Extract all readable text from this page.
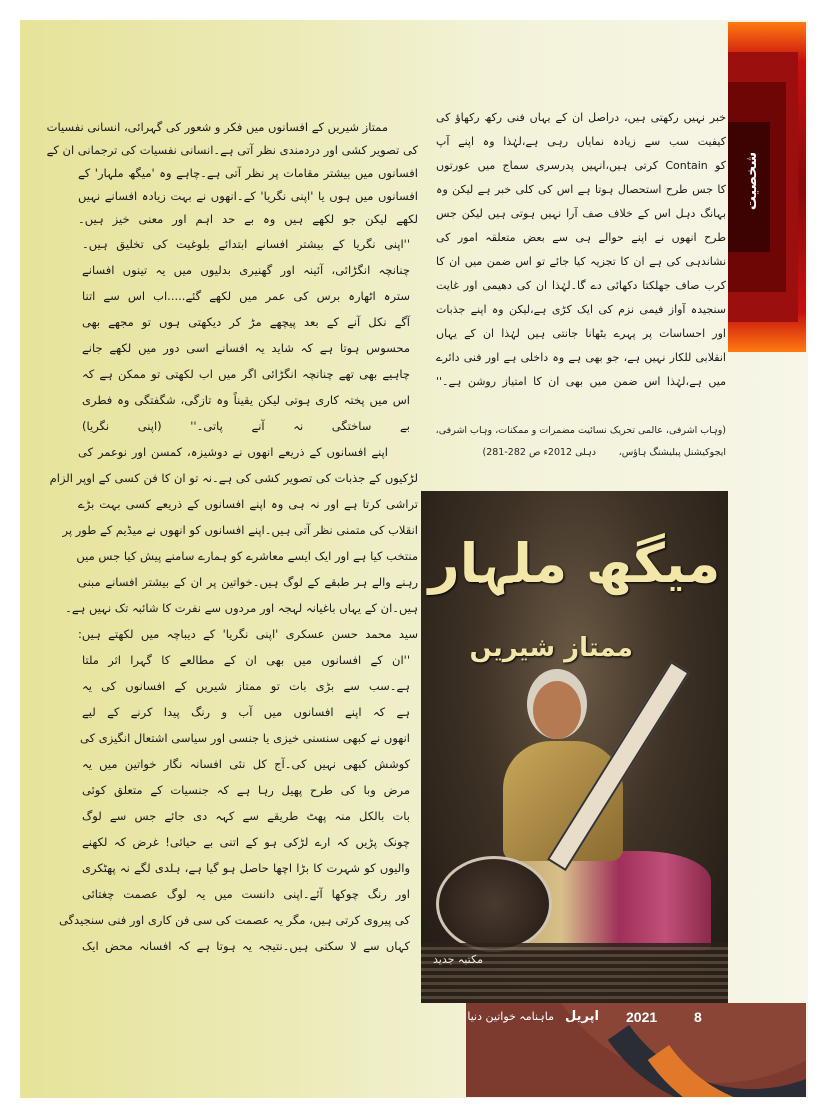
شخصیت
ممتاز شیریں کے افسانوں میں فکر و شعور کی گہرائی، انسانی نفسیات
کی تصویر کشی اور دردمندی نظر آتی ہے۔انسانی نفسیات کی ترجمانی ان کے
افسانوں میں بیشتر مقامات پر نظر آتی ہے۔چاہے وہ 'میگھ ملہار' کے
افسانوں میں ہوں یا 'اپنی نگریا' کے۔انھوں نے بہت زیادہ افسانے نہیں
لکھے لیکن جو لکھے ہیں وہ بے حد اہم اور معنی خیز ہیں۔
''اپنی نگریا کے بیشتر افسانے ابتدائے بلوغیت کی تخلیق ہیں۔
چنانچہ انگڑائی، آئینہ اور گھنیری بدلیوں میں یہ تینوں افسانے
سترہ اٹھارہ برس کی عمر میں لکھے گئے.....اب اس سے اتنا
آگے نکل آنے کے بعد پیچھے مڑ کر دیکھتی ہوں تو مجھے بھی
محسوس ہوتا ہے کہ شاید یہ افسانے اسی دور میں لکھے جانے
چاہیے بھی تھے چنانچہ انگڑائی اگر میں اب لکھتی تو ممکن ہے کہ
اس میں پختہ کاری ہوتی لیکن یقیناً وہ تازگی، شگفتگی وہ فطری
بے ساختگی نہ آنے پاتی۔'' (اپنی نگریا)
اپنے افسانوں کے ذریعے انھوں نے دوشیزہ، کمسن اور نوعمر کی
لڑکیوں کے جذبات کی تصویر کشی کی ہے۔نہ تو ان کا فن کسی کے اوپر الزام
تراشی کرتا ہے اور نہ ہی وہ اپنے افسانوں کے ذریعے کسی بہت بڑے
انقلاب کی متمنی نظر آتی ہیں۔اپنے افسانوں کو انھوں نے میڈیم کے طور پر
منتخب کیا ہے اور ایک ایسے معاشرے کو ہمارے سامنے پیش کیا جس میں
رہنے والے ہر طبقے کے لوگ ہیں۔خواتین پر ان کے بیشتر افسانے مبنی
ہیں۔ان کے یہاں باغیانہ لہجہ اور مردوں سے نفرت کا شائبہ تک نہیں ہے۔
سید محمد حسن عسکری 'اپنی نگریا' کے دیباچہ میں لکھتے ہیں:
''ان کے افسانوں میں بھی ان کے مطالعے کا گہرا اثر ملتا
ہے۔سب سے بڑی بات تو ممتاز شیریں کے افسانوں کی یہ
ہے کہ اپنے افسانوں میں آب و رنگ پیدا کرنے کے لیے
انھوں نے کبھی سنسنی خیزی یا جنسی اور سیاسی اشتعال انگیزی کی
کوشش کبھی نہیں کی۔آج کل نئی افسانہ نگار خواتین میں یہ
مرض وبا کی طرح پھیل رہا ہے کہ جنسیات کے متعلق کوئی
بات بالکل منہ پھٹ طریقے سے کہہ دی جائے جس سے لوگ
چونک پڑیں کہ ارے لڑکی ہو کے اتنی بے حیائی! غرض کہ لکھنے
والیوں کو شہرت کا بڑا اچھا حاصل ہو گیا ہے، ہلدی لگے نہ پھٹکری
اور رنگ چوکھا آئے۔اپنی دانست میں یہ لوگ عصمت چغتائی
کی پیروی کرتی ہیں، مگر یہ عصمت کی سی فن کاری اور فنی سنجیدگی
کہاں سے لا سکتی ہیں۔نتیجہ یہ ہوتا ہے کہ افسانہ محض ایک
خبر نہیں رکھتی ہیں، دراصل ان کے یہاں فنی رکھ رکھاؤ کی
کیفیت سب سے زیادہ نمایاں رہی ہے،لہٰذا وہ اپنے آپ
کو Contain کرتی ہیں،انہیں پدرسری سماج میں عورتوں
کا جس طرح استحصال ہوتا ہے اس کی کلی خبر ہے لیکن وہ
بہانگ دہل اس کے خلاف صف آرا نہیں ہوتی ہیں لیکن جس
طرح انھوں نے اپنے حوالے ہی سے بعض متعلقہ امور کی
نشاندہی کی ہے ان کا تجزیہ کیا جائے تو اس ضمن میں ان کا
کرب صاف جھلکتا دکھائی دے گا۔لہٰذا ان کی دھیمی اور غایت
سنجیدہ آواز فیمی نزم کی ایک کڑی ہے،لیکن وہ اپنے جذبات
اور احساسات پر پہرے بٹھانا جانتی ہیں لہٰذا ان کے یہاں
انقلابی للکار نہیں ہے، جو بھی ہے وہ داخلی ہے اور فنی دائرے
میں ہے،لہٰذا اس ضمن میں بھی ان کا امتیاز روشن ہے۔''
(وہاب اشرفی، عالمی تحریک نسائیت مضمرات و ممکنات، وہاب اشرفی، ایجوکیشنل پبلیشنگ ہاؤس،
دہلی 2012ء ص 282-281)
میگھ ملہار
ممتاز شیریں
مکتبہ جدید
ماہنامہ خواتین دنیا اپریل 2021	8
